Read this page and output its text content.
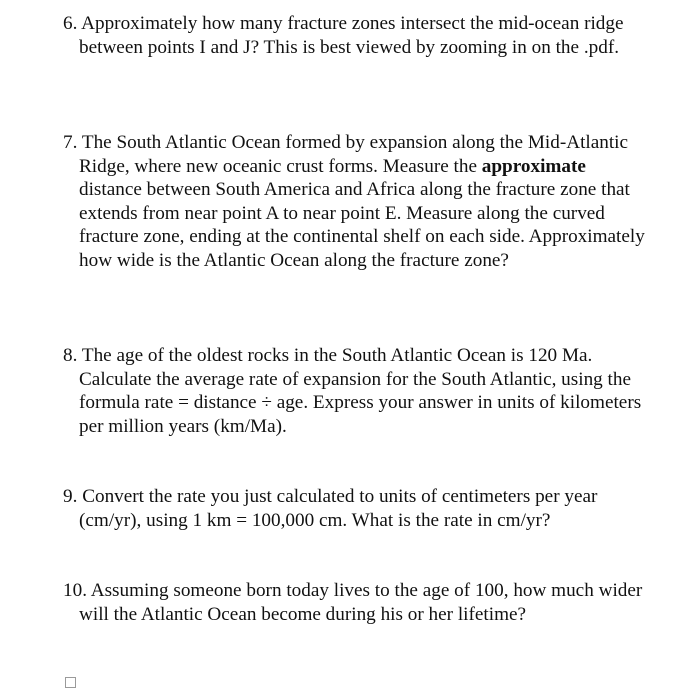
6. Approximately how many fracture zones intersect the mid-ocean ridge between points I and J? This is best viewed by zooming in on the .pdf.

7. The South Atlantic Ocean formed by expansion along the Mid-Atlantic Ridge, where new oceanic crust forms. Measure the approximate distance between South America and Africa along the fracture zone that extends from near point A to near point E. Measure along the curved fracture zone, ending at the continental shelf on each side. Approximately how wide is the Atlantic Ocean along the fracture zone?

8. The age of the oldest rocks in the South Atlantic Ocean is 120 Ma. Calculate the average rate of expansion for the South Atlantic, using the formula rate = distance ÷ age. Express your answer in units of kilometers per million years (km/Ma).

9. Convert the rate you just calculated to units of centimeters per year (cm/yr), using 1 km = 100,000 cm. What is the rate in cm/yr?

10. Assuming someone born today lives to the age of 100, how much wider will the Atlantic Ocean become during his or her lifetime?
